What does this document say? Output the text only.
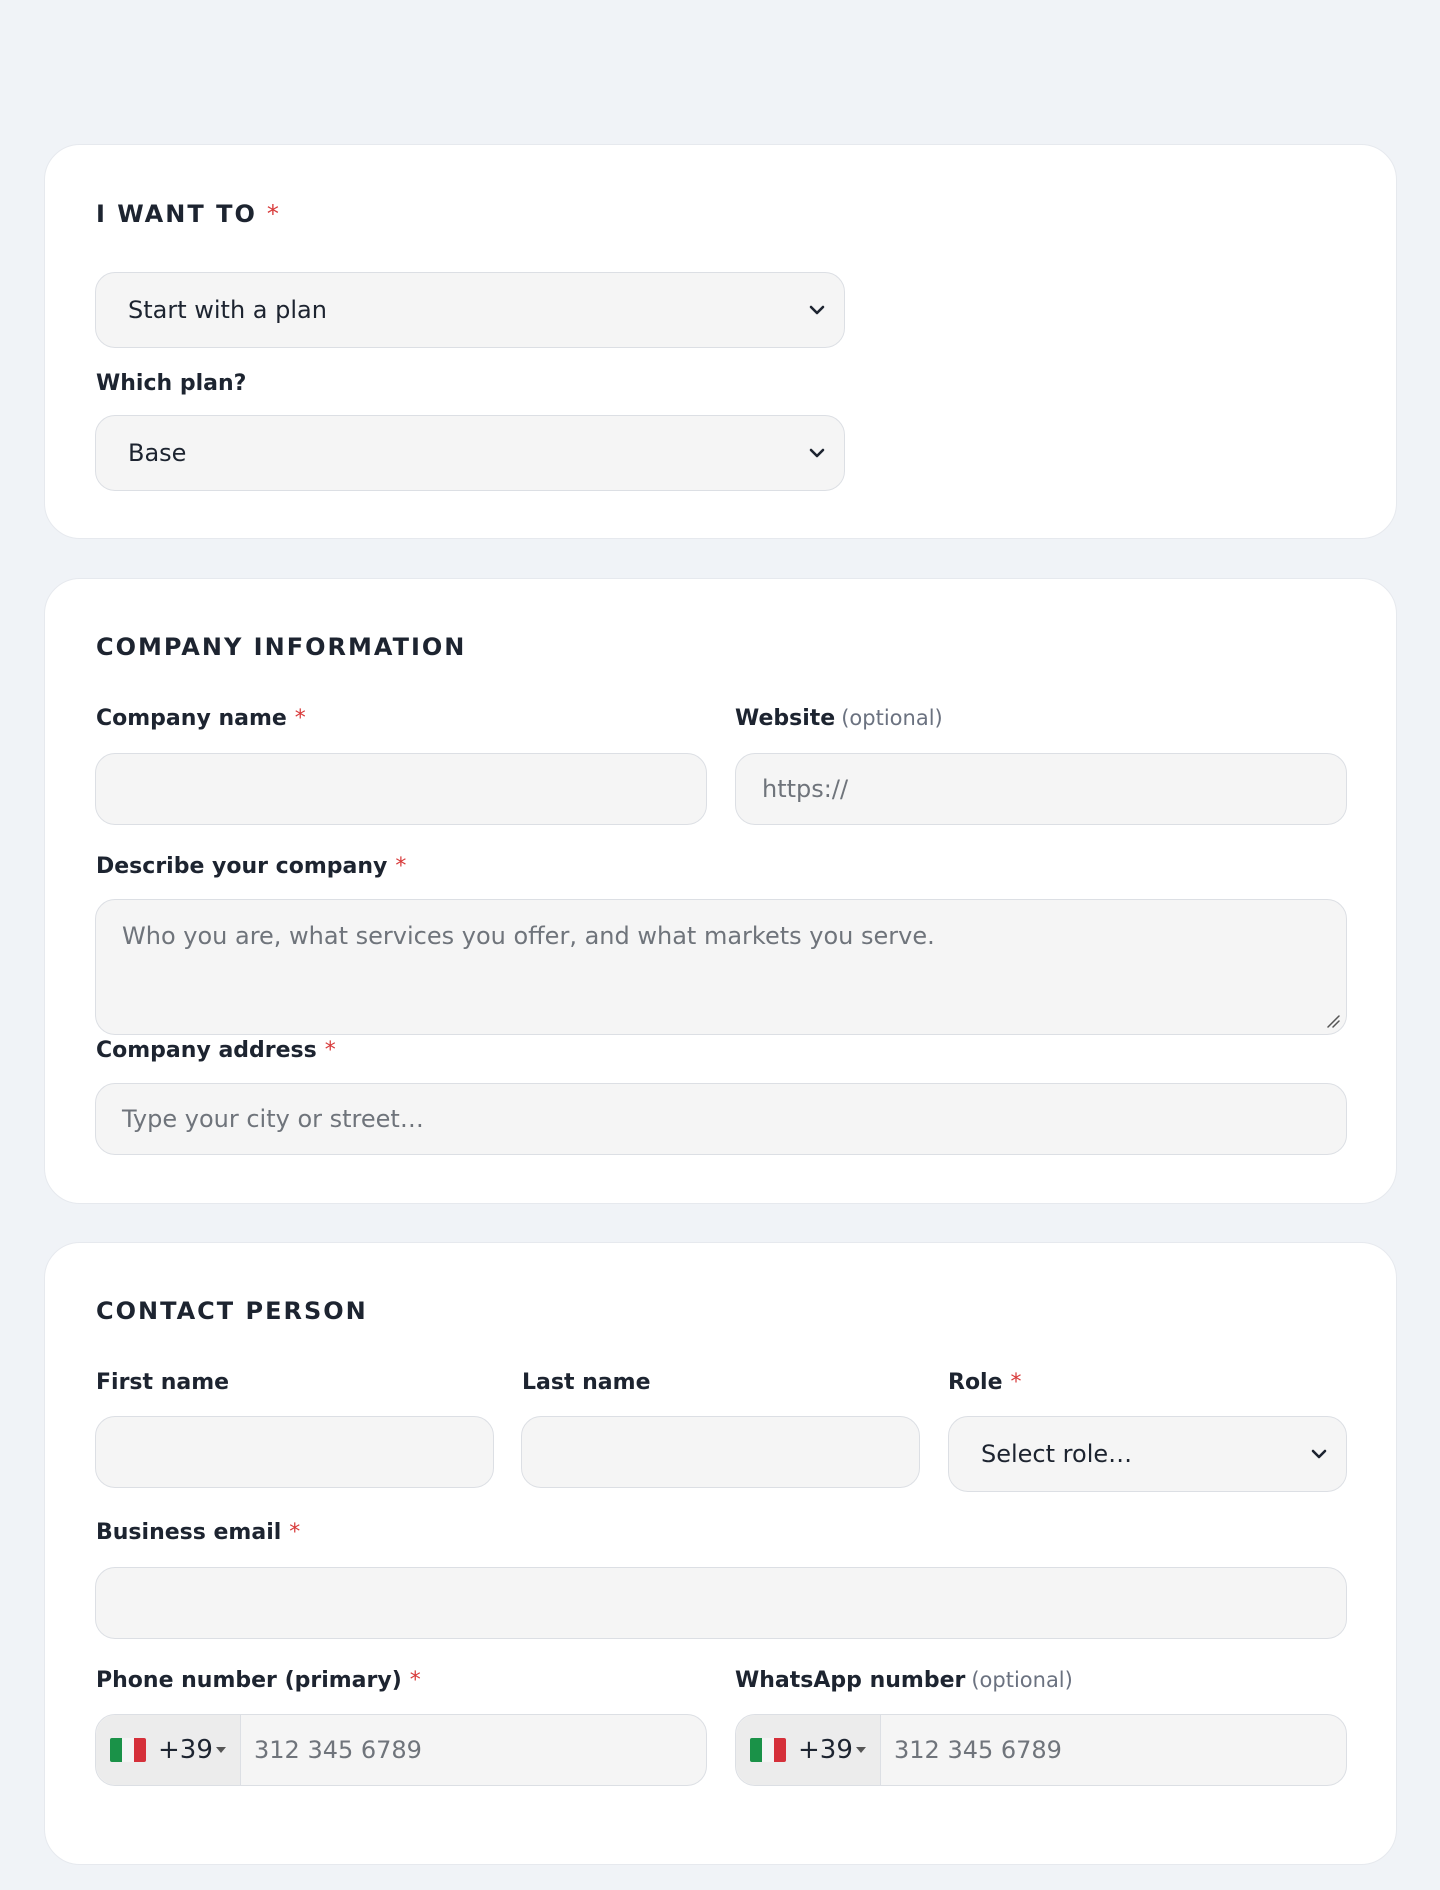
I WANT TO *
Start with a plan
Which plan?
Base
COMPANY INFORMATION
Company name *	Website (optional)
https://
Describe your company *
Who you are, what services you offer, and what markets you serve.
Company address *
Type your city or street…
CONTACT PERSON
First name	Last name	Role *
Select role…
Business email *
Phone number (primary) *
+39 312 345 6789
WhatsApp number (optional)
+39 312 345 6789
